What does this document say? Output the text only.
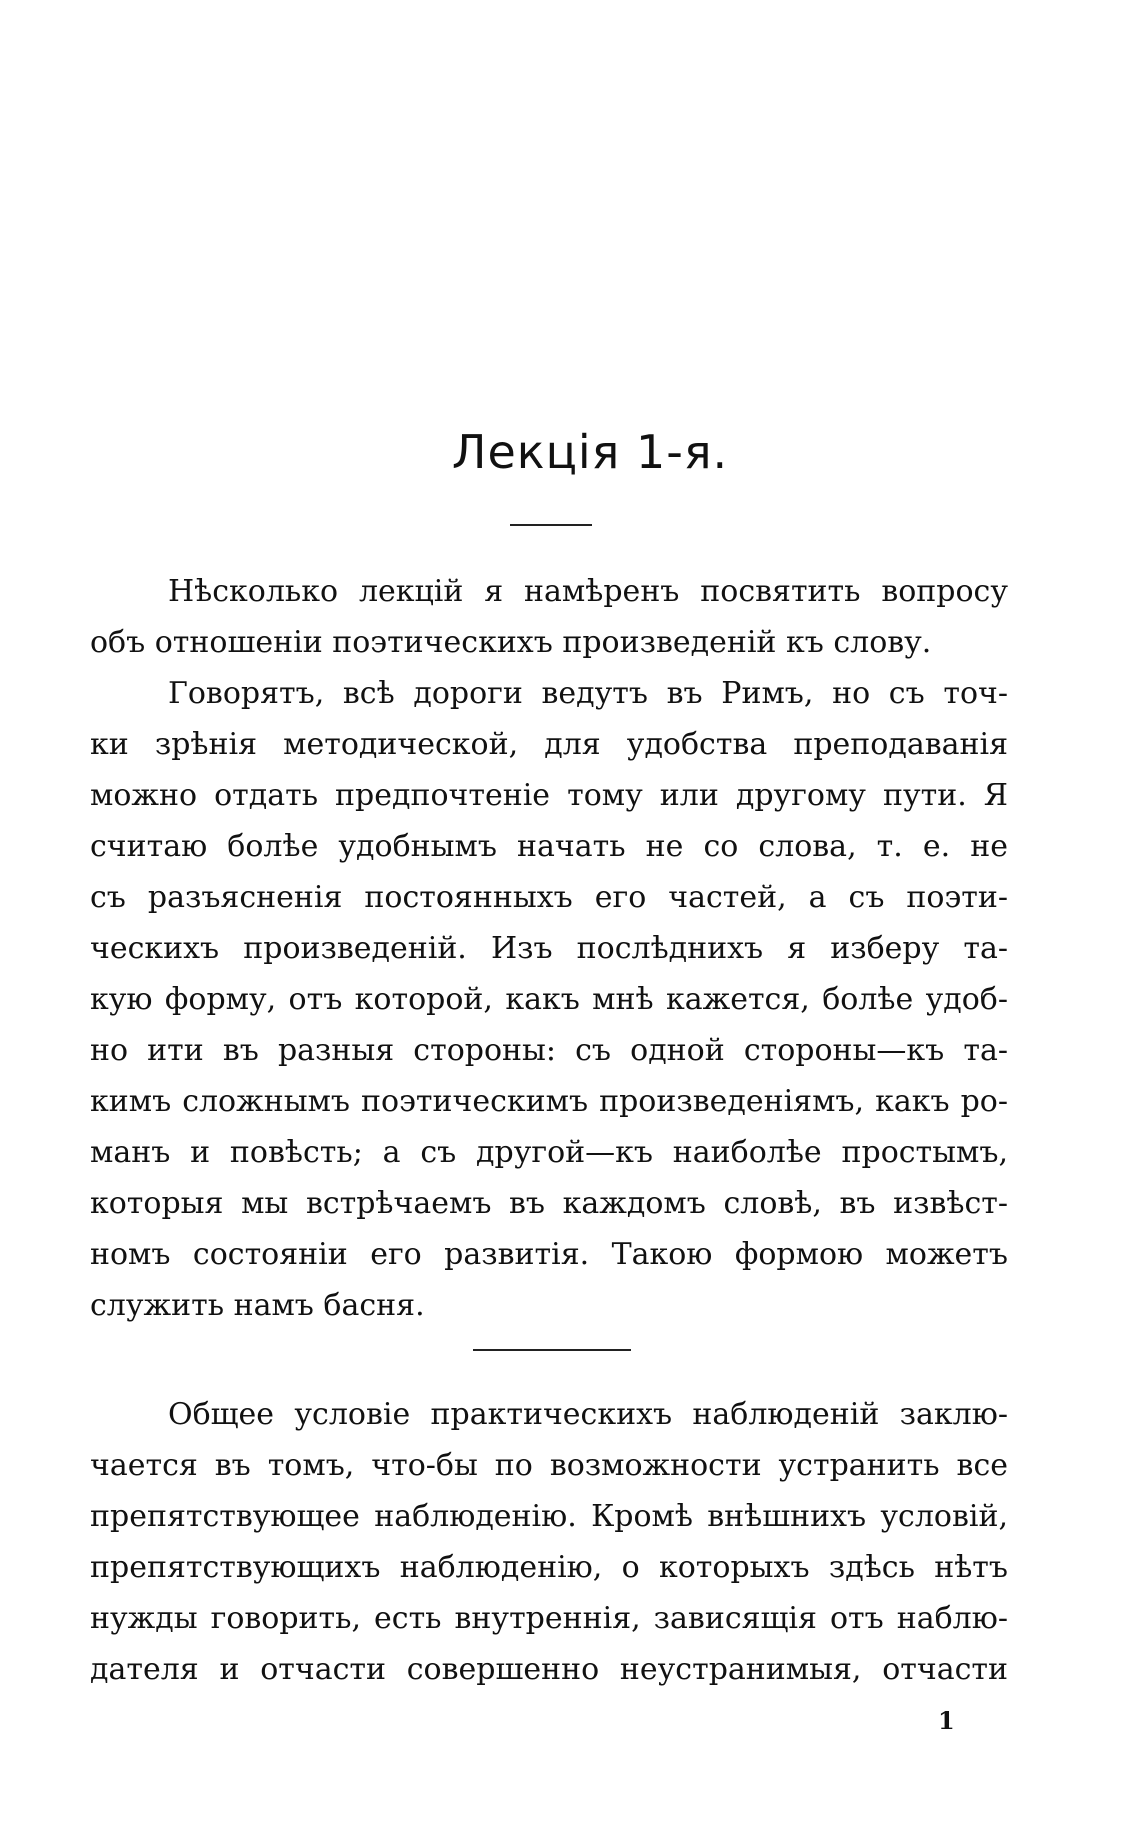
Лекція 1-я.
Нѣсколько лекцій я намѣренъ посвятить вопросу
объ отношеніи поэтическихъ произведеній къ слову.
Говорятъ, всѣ дороги ведутъ въ Римъ, но съ точ-
ки зрѣнія методической, для удобства преподаванія
можно отдать предпочтеніе тому или другому пути. Я
считаю болѣе удобнымъ начать не со слова, т. е. не
съ разъясненія постоянныхъ его частей, а съ поэти-
ческихъ произведеній. Изъ послѣднихъ я изберу та-
кую форму, отъ которой, какъ мнѣ кажется, болѣе удоб-
но ити въ разныя стороны: съ одной стороны—къ та-
кимъ сложнымъ поэтическимъ произведеніямъ, какъ ро-
манъ и повѣсть; а съ другой—къ наиболѣе простымъ,
которыя мы встрѣчаемъ въ каждомъ словѣ, въ извѣст-
номъ состояніи его развитія. Такою формою можетъ
служить намъ басня.
Общее условіе практическихъ наблюденій заклю-
чается въ томъ, что-бы по возможности устранить все
препятствующее наблюденію. Кромѣ внѣшнихъ условій,
препятствующихъ наблюденію, о которыхъ здѣсь нѣтъ
нужды говорить, есть внутреннія, зависящія отъ наблю-
дателя и отчасти совершенно неустранимыя, отчасти
1
